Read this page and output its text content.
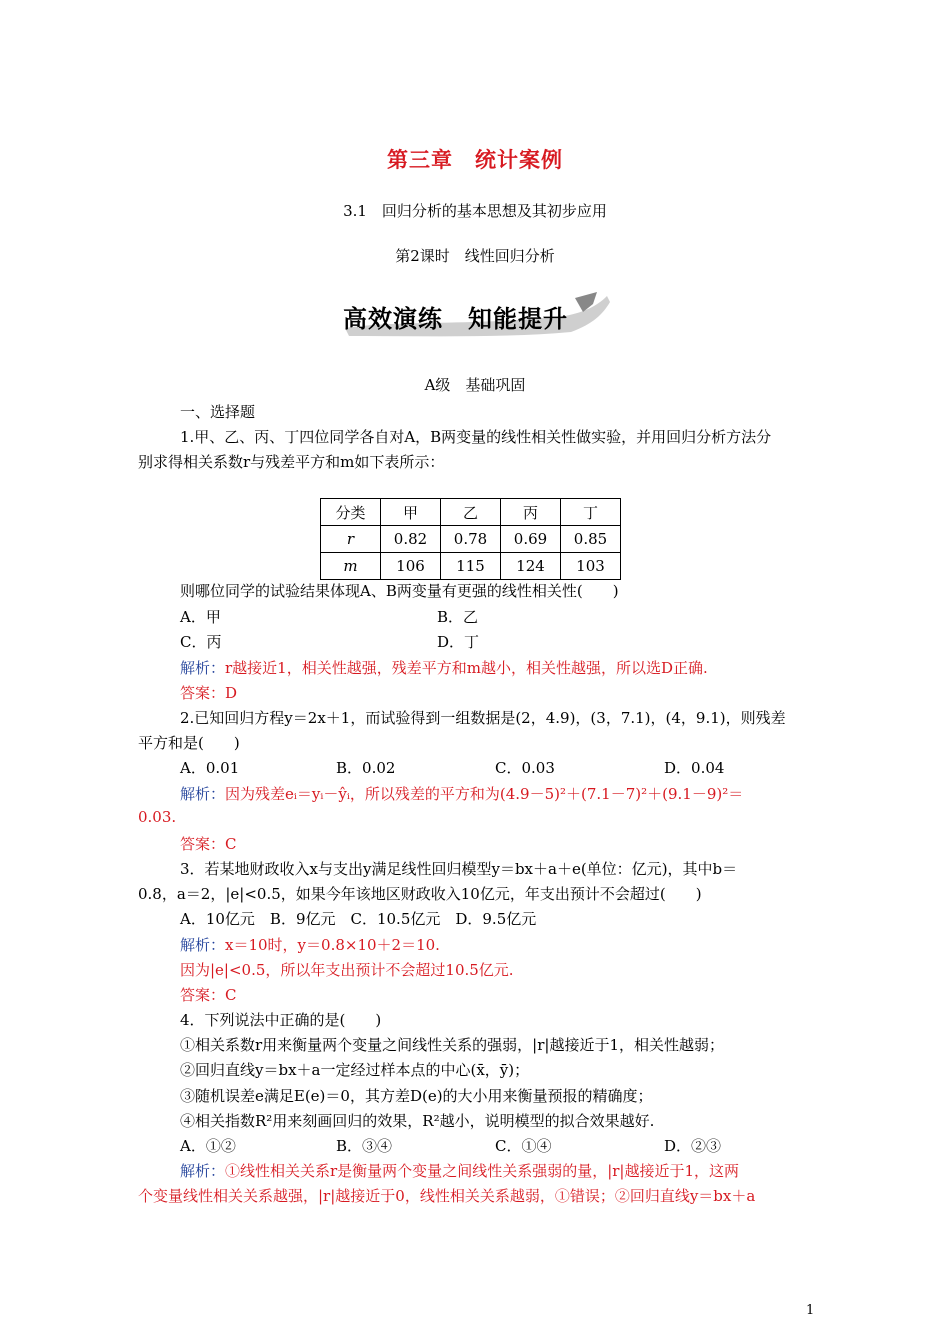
第三章　统计案例
3.1　回归分析的基本思想及其初步应用
第2课时　线性回归分析
高效演练　知能提升
A级　基础巩固
一、选择题
1.甲、乙、丙、丁四位同学各自对A，B两变量的线性相关性做实验，并用回归分析方法分
别求得相关系数r与残差平方和m如下表所示：
分类	甲	乙	丙	丁
r	0.82	0.78	0.69	0.85
m	106	115	124	103
则哪位同学的试验结果体现A、B两变量有更强的线性相关性(　　)
A．甲	B．乙
C．丙	D．丁
解析：r越接近1，相关性越强，残差平方和m越小，相关性越强，所以选D正确.
答案：D
2.已知回归方程y＝2x＋1，而试验得到一组数据是(2，4.9)，(3，7.1)，(4，9.1)，则残差
平方和是(　　)
A．0.01	B．0.02	C．0.03	D．0.04
解析：因为残差eᵢ＝yᵢ－ŷᵢ，所以残差的平方和为(4.9－5)²＋(7.1－7)²＋(9.1－9)²＝
0.03.
答案：C
3．若某地财政收入x与支出y满足线性回归模型y＝bx＋a＋e(单位：亿元)，其中b＝
0.8，a＝2，|e|<0.5，如果今年该地区财政收入10亿元，年支出预计不会超过(　　)
A．10亿元　B．9亿元　C．10.5亿元　D．9.5亿元
解析：x＝10时，y＝0.8×10＋2＝10.
因为|e|<0.5，所以年支出预计不会超过10.5亿元.
答案：C
4．下列说法中正确的是(　　)
①相关系数r用来衡量两个变量之间线性关系的强弱，|r|越接近于1，相关性越弱；
②回归直线y＝bx＋a一定经过样本点的中心(x̄，ȳ)；
③随机误差e满足E(e)＝0，其方差D(e)的大小用来衡量预报的精确度；
④相关指数R²用来刻画回归的效果，R²越小，说明模型的拟合效果越好.
A．①②	B．③④	C．①④	D．②③
解析：①线性相关关系r是衡量两个变量之间线性关系强弱的量，|r|越接近于1，这两
个变量线性相关关系越强，|r|越接近于0，线性相关关系越弱，①错误；②回归直线y＝bx＋a
1
